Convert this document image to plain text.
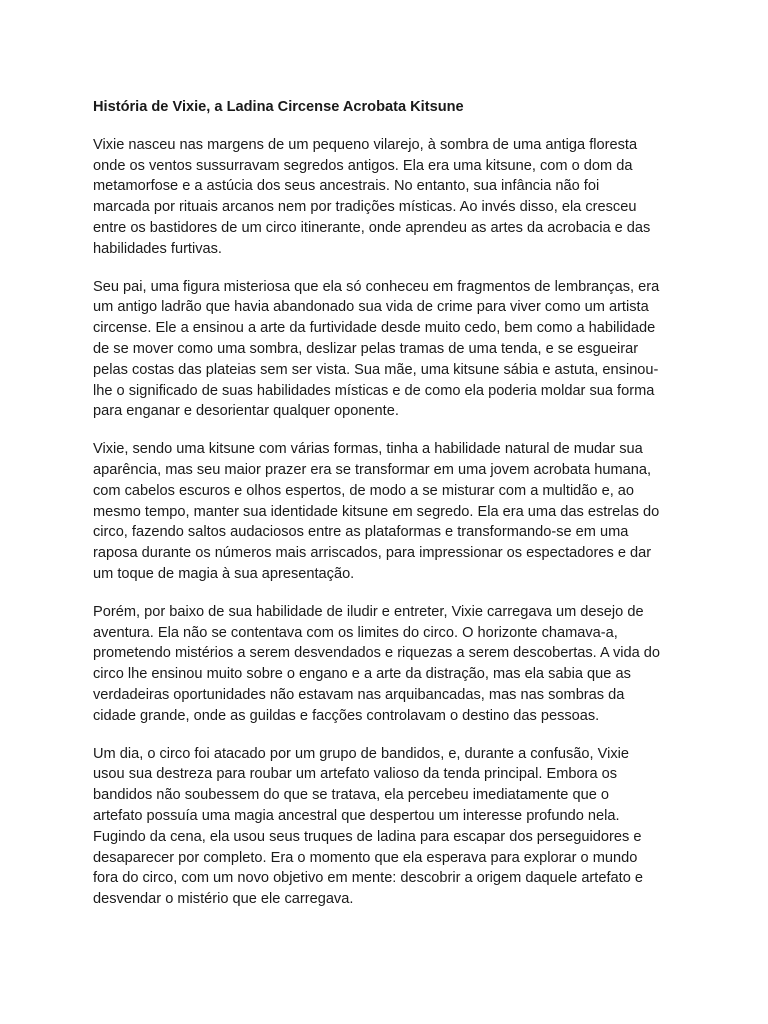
História de Vixie, a Ladina Circense Acrobata Kitsune
Vixie nasceu nas margens de um pequeno vilarejo, à sombra de uma antiga floresta
onde os ventos sussurravam segredos antigos. Ela era uma kitsune, com o dom da
metamorfose e a astúcia dos seus ancestrais. No entanto, sua infância não foi
marcada por rituais arcanos nem por tradições místicas. Ao invés disso, ela cresceu
entre os bastidores de um circo itinerante, onde aprendeu as artes da acrobacia e das
habilidades furtivas.
Seu pai, uma figura misteriosa que ela só conheceu em fragmentos de lembranças, era
um antigo ladrão que havia abandonado sua vida de crime para viver como um artista
circense. Ele a ensinou a arte da furtividade desde muito cedo, bem como a habilidade
de se mover como uma sombra, deslizar pelas tramas de uma tenda, e se esgueirar
pelas costas das plateias sem ser vista. Sua mãe, uma kitsune sábia e astuta, ensinou-
lhe o significado de suas habilidades místicas e de como ela poderia moldar sua forma
para enganar e desorientar qualquer oponente.
Vixie, sendo uma kitsune com várias formas, tinha a habilidade natural de mudar sua
aparência, mas seu maior prazer era se transformar em uma jovem acrobata humana,
com cabelos escuros e olhos espertos, de modo a se misturar com a multidão e, ao
mesmo tempo, manter sua identidade kitsune em segredo. Ela era uma das estrelas do
circo, fazendo saltos audaciosos entre as plataformas e transformando-se em uma
raposa durante os números mais arriscados, para impressionar os espectadores e dar
um toque de magia à sua apresentação.
Porém, por baixo de sua habilidade de iludir e entreter, Vixie carregava um desejo de
aventura. Ela não se contentava com os limites do circo. O horizonte chamava-a,
prometendo mistérios a serem desvendados e riquezas a serem descobertas. A vida do
circo lhe ensinou muito sobre o engano e a arte da distração, mas ela sabia que as
verdadeiras oportunidades não estavam nas arquibancadas, mas nas sombras da
cidade grande, onde as guildas e facções controlavam o destino das pessoas.
Um dia, o circo foi atacado por um grupo de bandidos, e, durante a confusão, Vixie
usou sua destreza para roubar um artefato valioso da tenda principal. Embora os
bandidos não soubessem do que se tratava, ela percebeu imediatamente que o
artefato possuía uma magia ancestral que despertou um interesse profundo nela.
Fugindo da cena, ela usou seus truques de ladina para escapar dos perseguidores e
desaparecer por completo. Era o momento que ela esperava para explorar o mundo
fora do circo, com um novo objetivo em mente: descobrir a origem daquele artefato e
desvendar o mistério que ele carregava.
